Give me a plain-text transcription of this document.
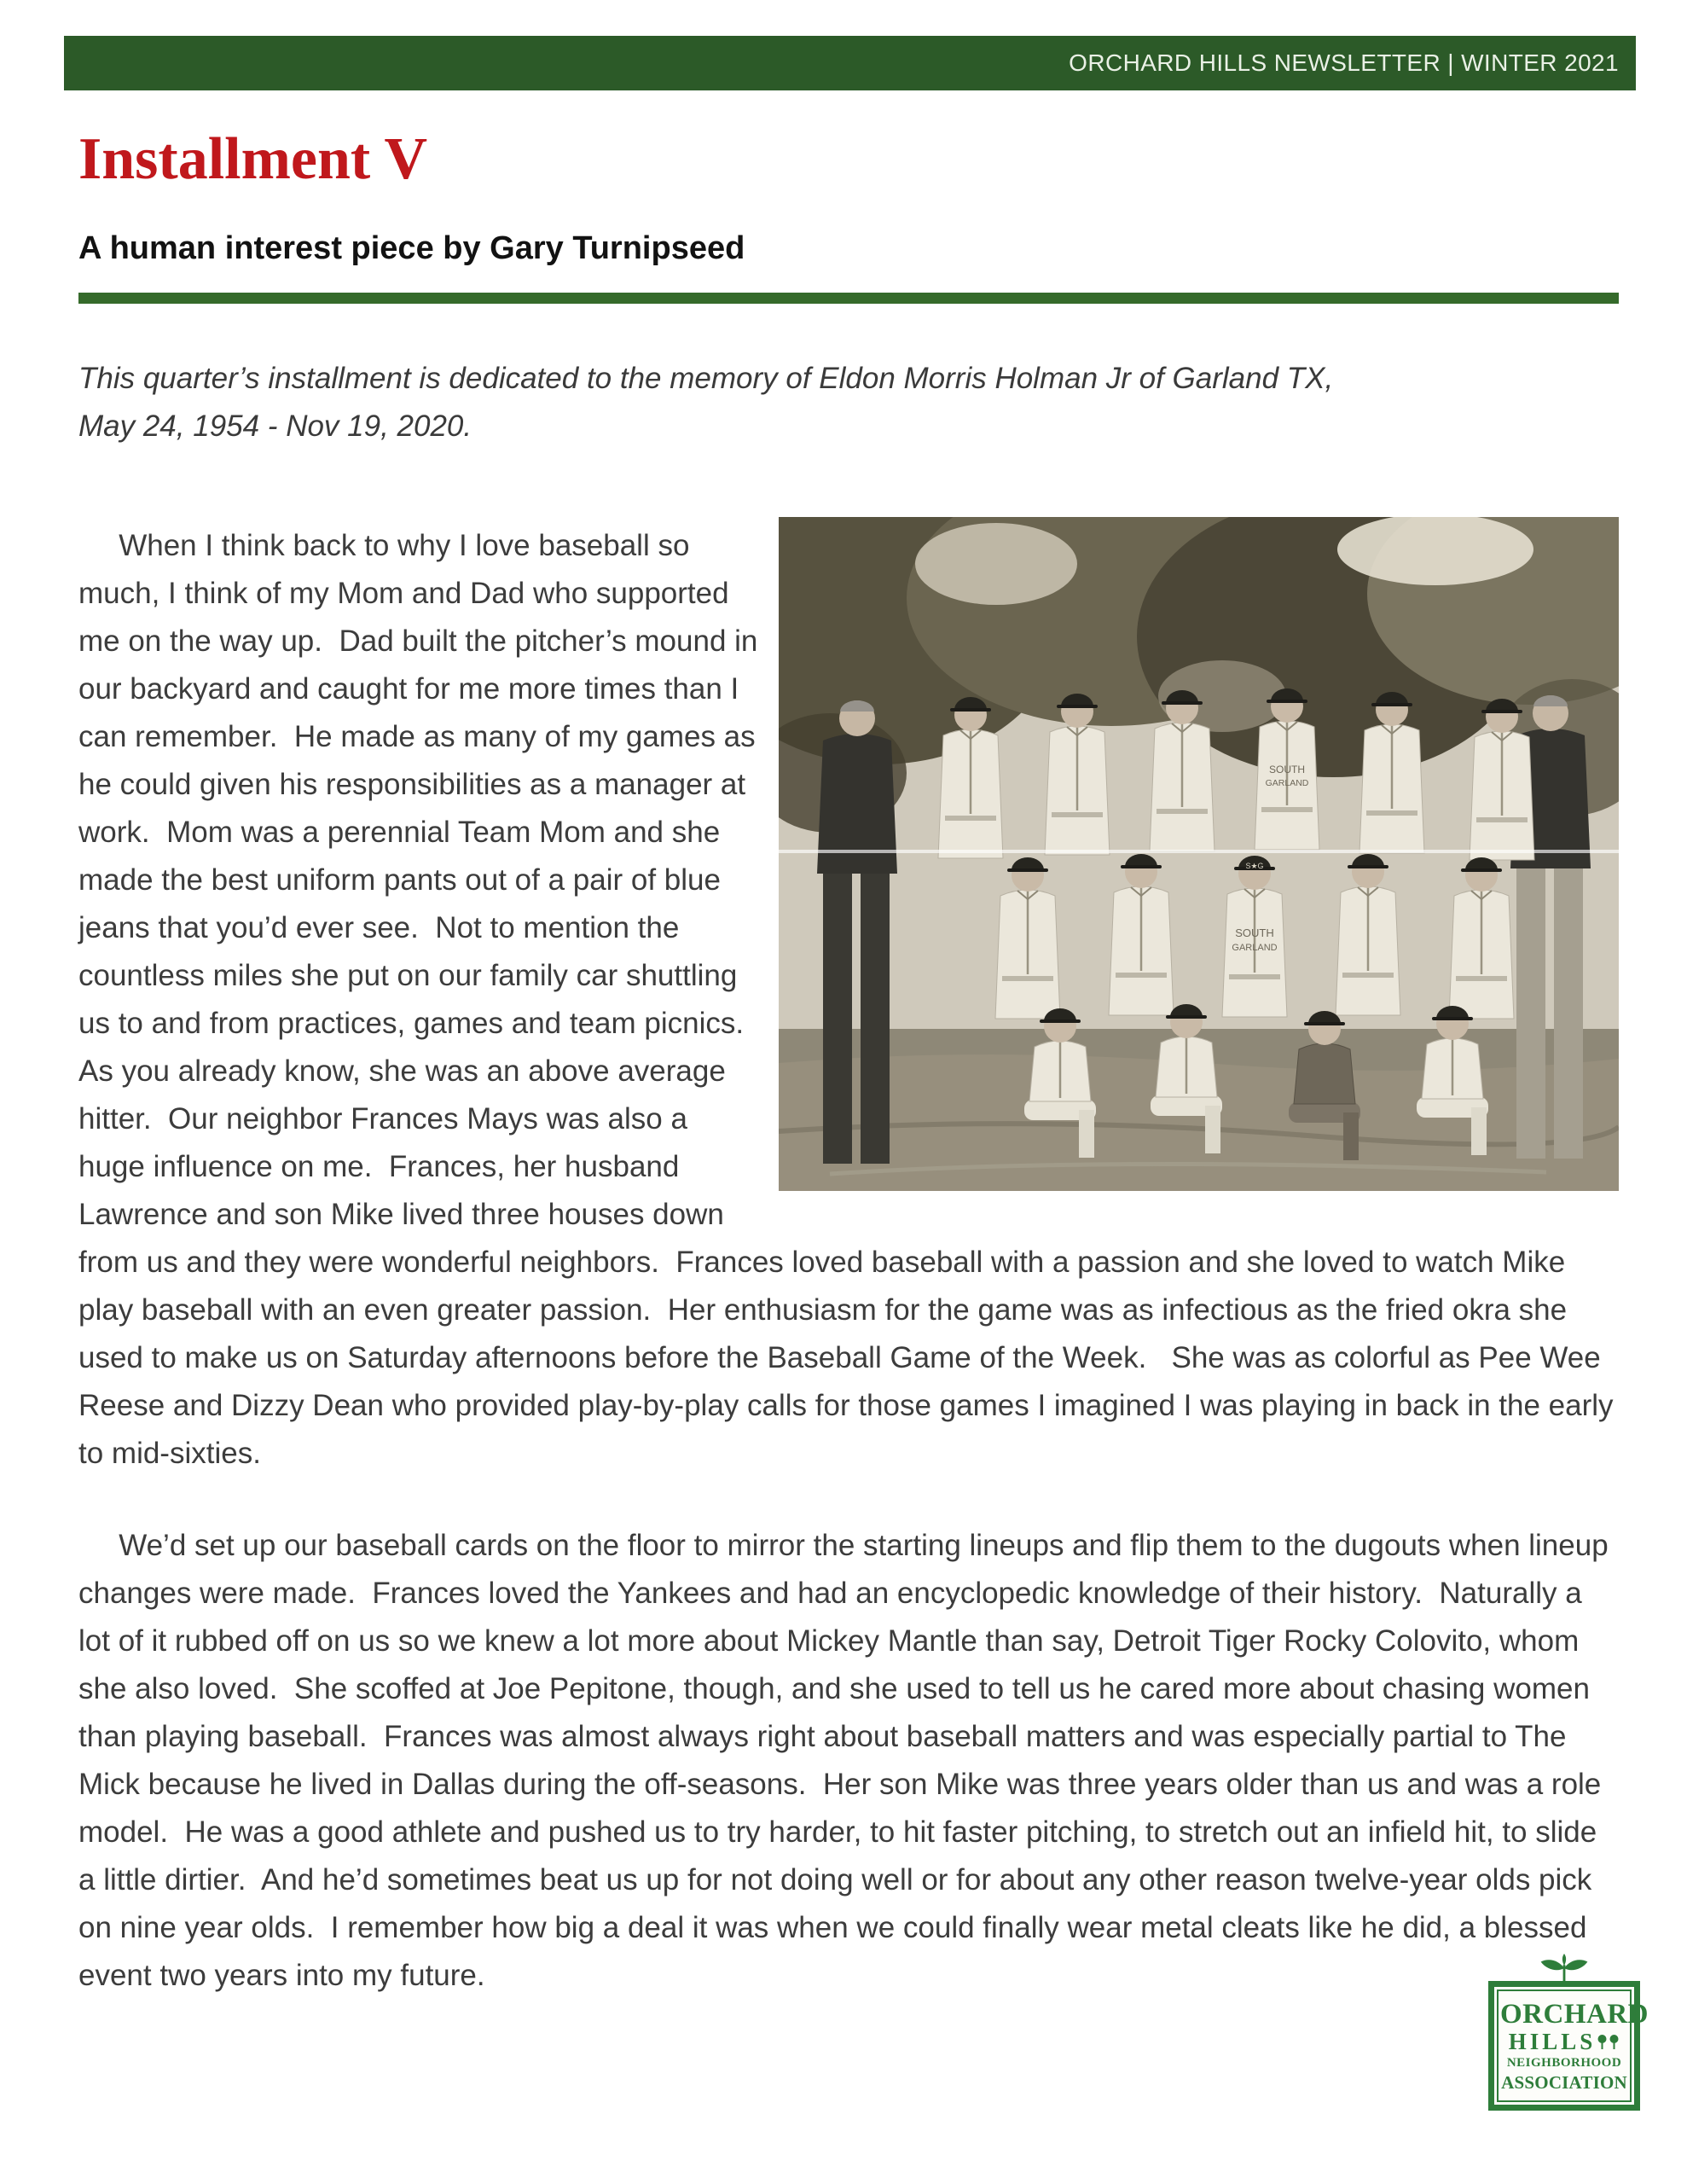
ORCHARD HILLS NEWSLETTER | WINTER 2021
Installment V
A human interest piece by Gary Turnipseed
This quarter’s installment is dedicated to the memory of Eldon Morris Holman Jr of Garland TX,
May 24, 1954 - Nov 19, 2020.
SOUTH
GARLAND
SOUTH
GARLAND
S★G

When I think back to why I love baseball so much, I think of my Mom and Dad who supported me on the way up.  Dad built the pitcher’s mound in our backyard and caught for me more times than I can remember.  He made as many of my games as he could given his responsibilities as a manager at work.  Mom was a perennial Team Mom and she made the best uniform pants out of a pair of blue jeans that you’d ever see.  Not to mention the countless miles she put on our family car shuttling us to and from practices, games and team picnics.  As you already know, she was an above average hitter.  Our neighbor Frances Mays was also a huge influence on me.  Frances, her husband Lawrence and son Mike lived three houses down from us and they were wonderful neighbors.  Frances loved baseball with a passion and she loved to watch Mike play baseball with an even greater passion.  Her enthusiasm for the game was as infectious as the fried okra she used to make us on Saturday afternoons before the Baseball Game of the Week.   She was as colorful as Pee Wee Reese and Dizzy Dean who provided play-by-play calls for those games I imagined I was playing in back in the early to mid-sixties.

We’d set up our baseball cards on the floor to mirror the starting lineups and flip them to the dugouts when lineup changes were made.  Frances loved the Yankees and had an encyclopedic knowledge of their history.  Naturally a lot of it rubbed off on us so we knew a lot more about Mickey Mantle than say, Detroit Tiger Rocky Colovito, whom she also loved.  She scoffed at Joe Pepitone, though, and she used to tell us he cared more about chasing women than playing baseball.  Frances was almost always right about baseball matters and was especially partial to The Mick because he lived in Dallas during the off-seasons.  Her son Mike was three years older than us and was a role model.  He was a good athlete and pushed us to try harder, to hit faster pitching, to stretch out an infield hit, to slide a little dirtier.  And he’d sometimes beat us up for not doing well or for about any other reason twelve-year olds pick on nine year olds.  I remember how big a deal it was when we could finally wear metal cleats like he did, a blessed event two years into my future.

ORCHARD
HILLS
NEIGHBORHOOD
ASSOCIATION
